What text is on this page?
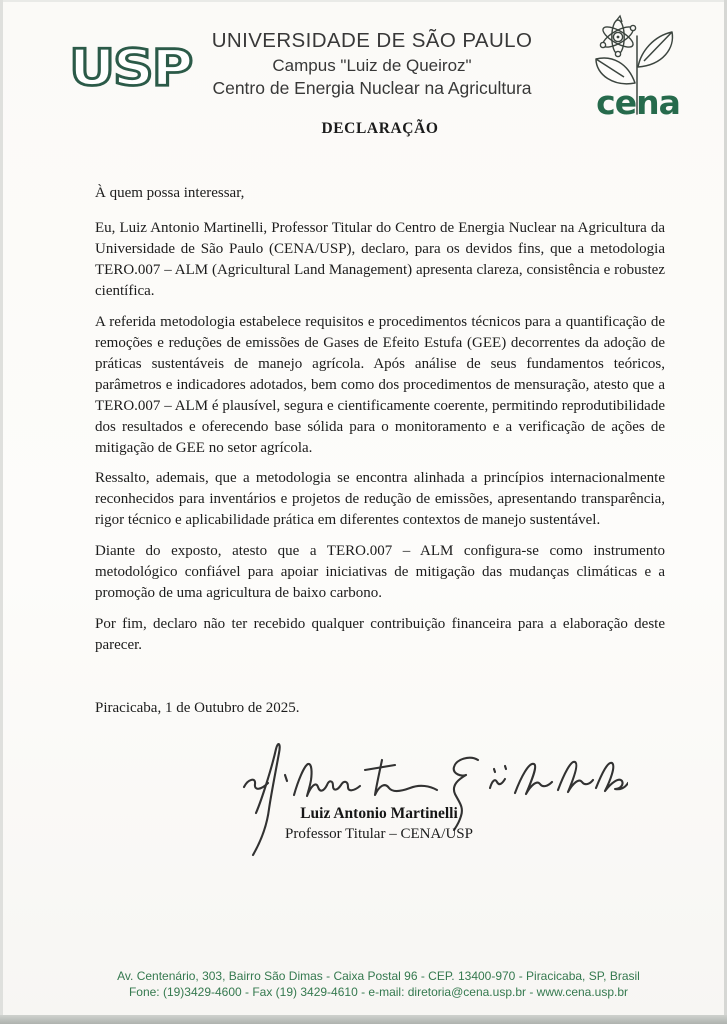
USP UNIVERSIDADE DE SÃO PAULO
Campus "Luiz de Queiroz"
Centro de Energia Nuclear na Agricultura	cena
DECLARAÇÃO
À quem possa interessar,

Eu, Luiz Antonio Martinelli, Professor Titular do Centro de Energia Nuclear na Agricultura da Universidade de São Paulo (CENA/USP), declaro, para os devidos fins, que a metodologia TERO.007 – ALM (Agricultural Land Management) apresenta clareza, consistência e robustez científica.

A referida metodologia estabelece requisitos e procedimentos técnicos para a quantificação de remoções e reduções de emissões de Gases de Efeito Estufa (GEE) decorrentes da adoção de práticas sustentáveis de manejo agrícola. Após análise de seus fundamentos teóricos, parâmetros e indicadores adotados, bem como dos procedimentos de mensuração, atesto que a TERO.007 – ALM é plausível, segura e cientificamente coerente, permitindo reprodutibilidade dos resultados e oferecendo base sólida para o monitoramento e a verificação de ações de mitigação de GEE no setor agrícola.

Ressalto, ademais, que a metodologia se encontra alinhada a princípios internacionalmente reconhecidos para inventários e projetos de redução de emissões, apresentando transparência, rigor técnico e aplicabilidade prática em diferentes contextos de manejo sustentável.

Diante do exposto, atesto que a TERO.007 – ALM configura-se como instrumento metodológico confiável para apoiar iniciativas de mitigação das mudanças climáticas e a promoção de uma agricultura de baixo carbono.

Por fim, declaro não ter recebido qualquer contribuição financeira para a elaboração deste parecer.

Piracicaba, 1 de Outubro de 2025.
Luiz Antonio Martinelli
Professor Titular – CENA/USP
Av. Centenário, 303, Bairro São Dimas - Caixa Postal 96 - CEP. 13400-970 - Piracicaba, SP, Brasil
Fone: (19)3429-4600 - Fax (19) 3429-4610 - e-mail: diretoria@cena.usp.br - www.cena.usp.br
